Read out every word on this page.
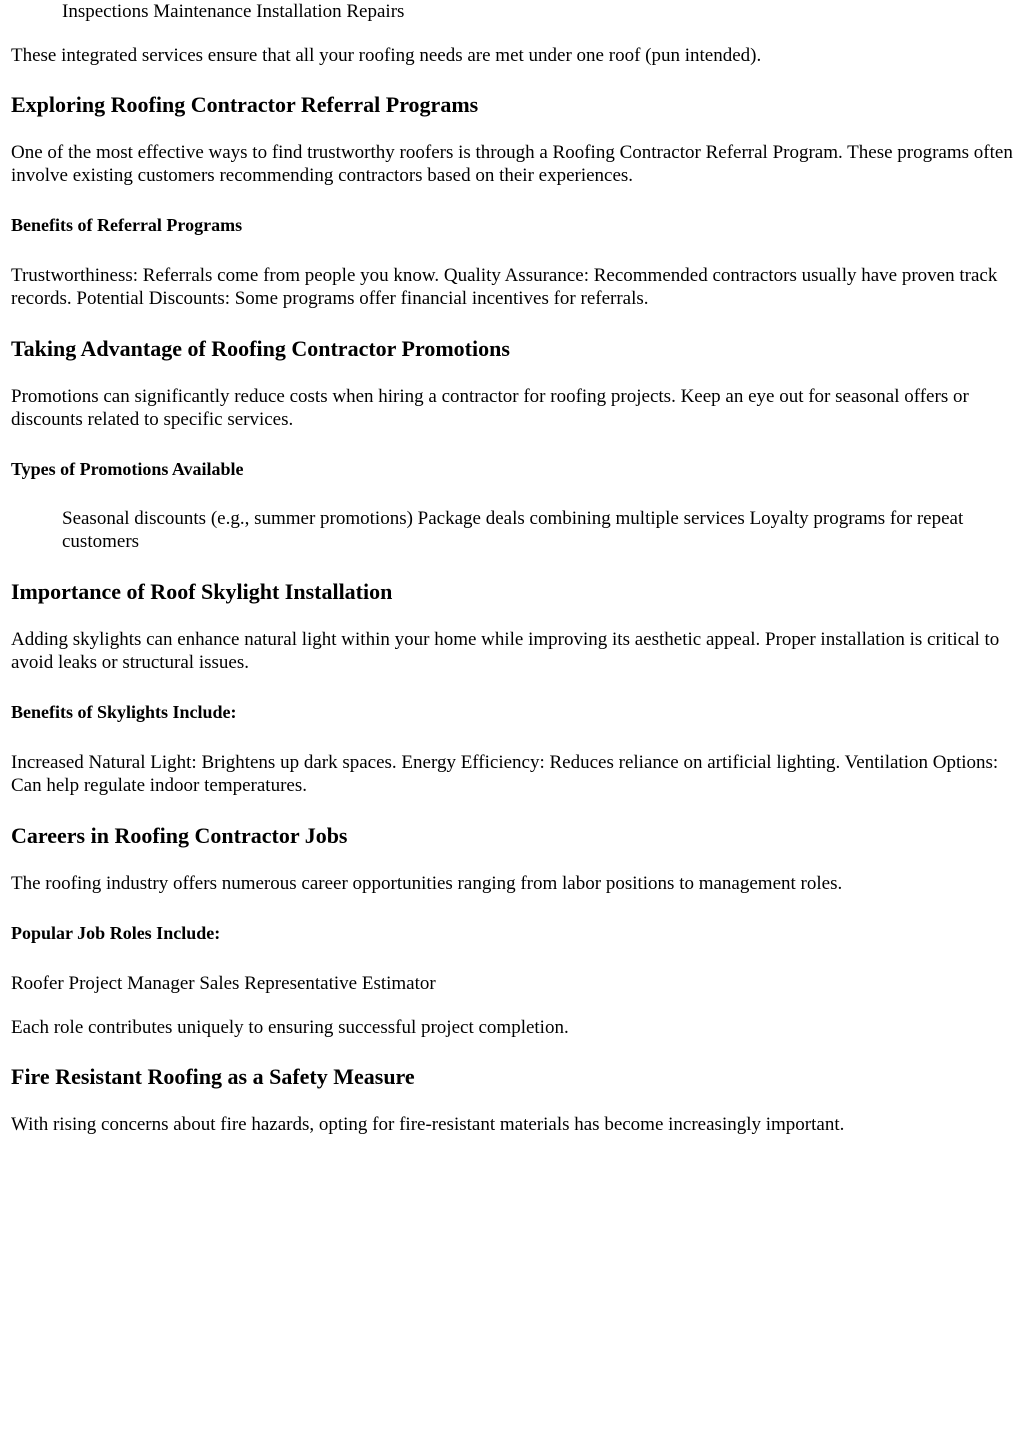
Inspections Maintenance Installation Repairs

These integrated services ensure that all your roofing needs are met under one roof (pun intended).

Exploring Roofing Contractor Referral Programs

One of the most effective ways to find trustworthy roofers is through a Roofing Contractor Referral Program. These programs often involve existing customers recommending contractors based on their experiences.

Benefits of Referral Programs

Trustworthiness: Referrals come from people you know. Quality Assurance: Recommended contractors usually have proven track records. Potential Discounts: Some programs offer financial incentives for referrals.

Taking Advantage of Roofing Contractor Promotions

Promotions can significantly reduce costs when hiring a contractor for roofing projects. Keep an eye out for seasonal offers or discounts related to specific services.

Types of Promotions Available

Seasonal discounts (e.g., summer promotions) Package deals combining multiple services Loyalty programs for repeat customers

Importance of Roof Skylight Installation

Adding skylights can enhance natural light within your home while improving its aesthetic appeal. Proper installation is critical to avoid leaks or structural issues.

Benefits of Skylights Include:

Increased Natural Light: Brightens up dark spaces. Energy Efficiency: Reduces reliance on artificial lighting. Ventilation Options: Can help regulate indoor temperatures.

Careers in Roofing Contractor Jobs

The roofing industry offers numerous career opportunities ranging from labor positions to management roles.

Popular Job Roles Include:

Roofer Project Manager Sales Representative Estimator

Each role contributes uniquely to ensuring successful project completion.

Fire Resistant Roofing as a Safety Measure

With rising concerns about fire hazards, opting for fire-resistant materials has become increasingly important.
